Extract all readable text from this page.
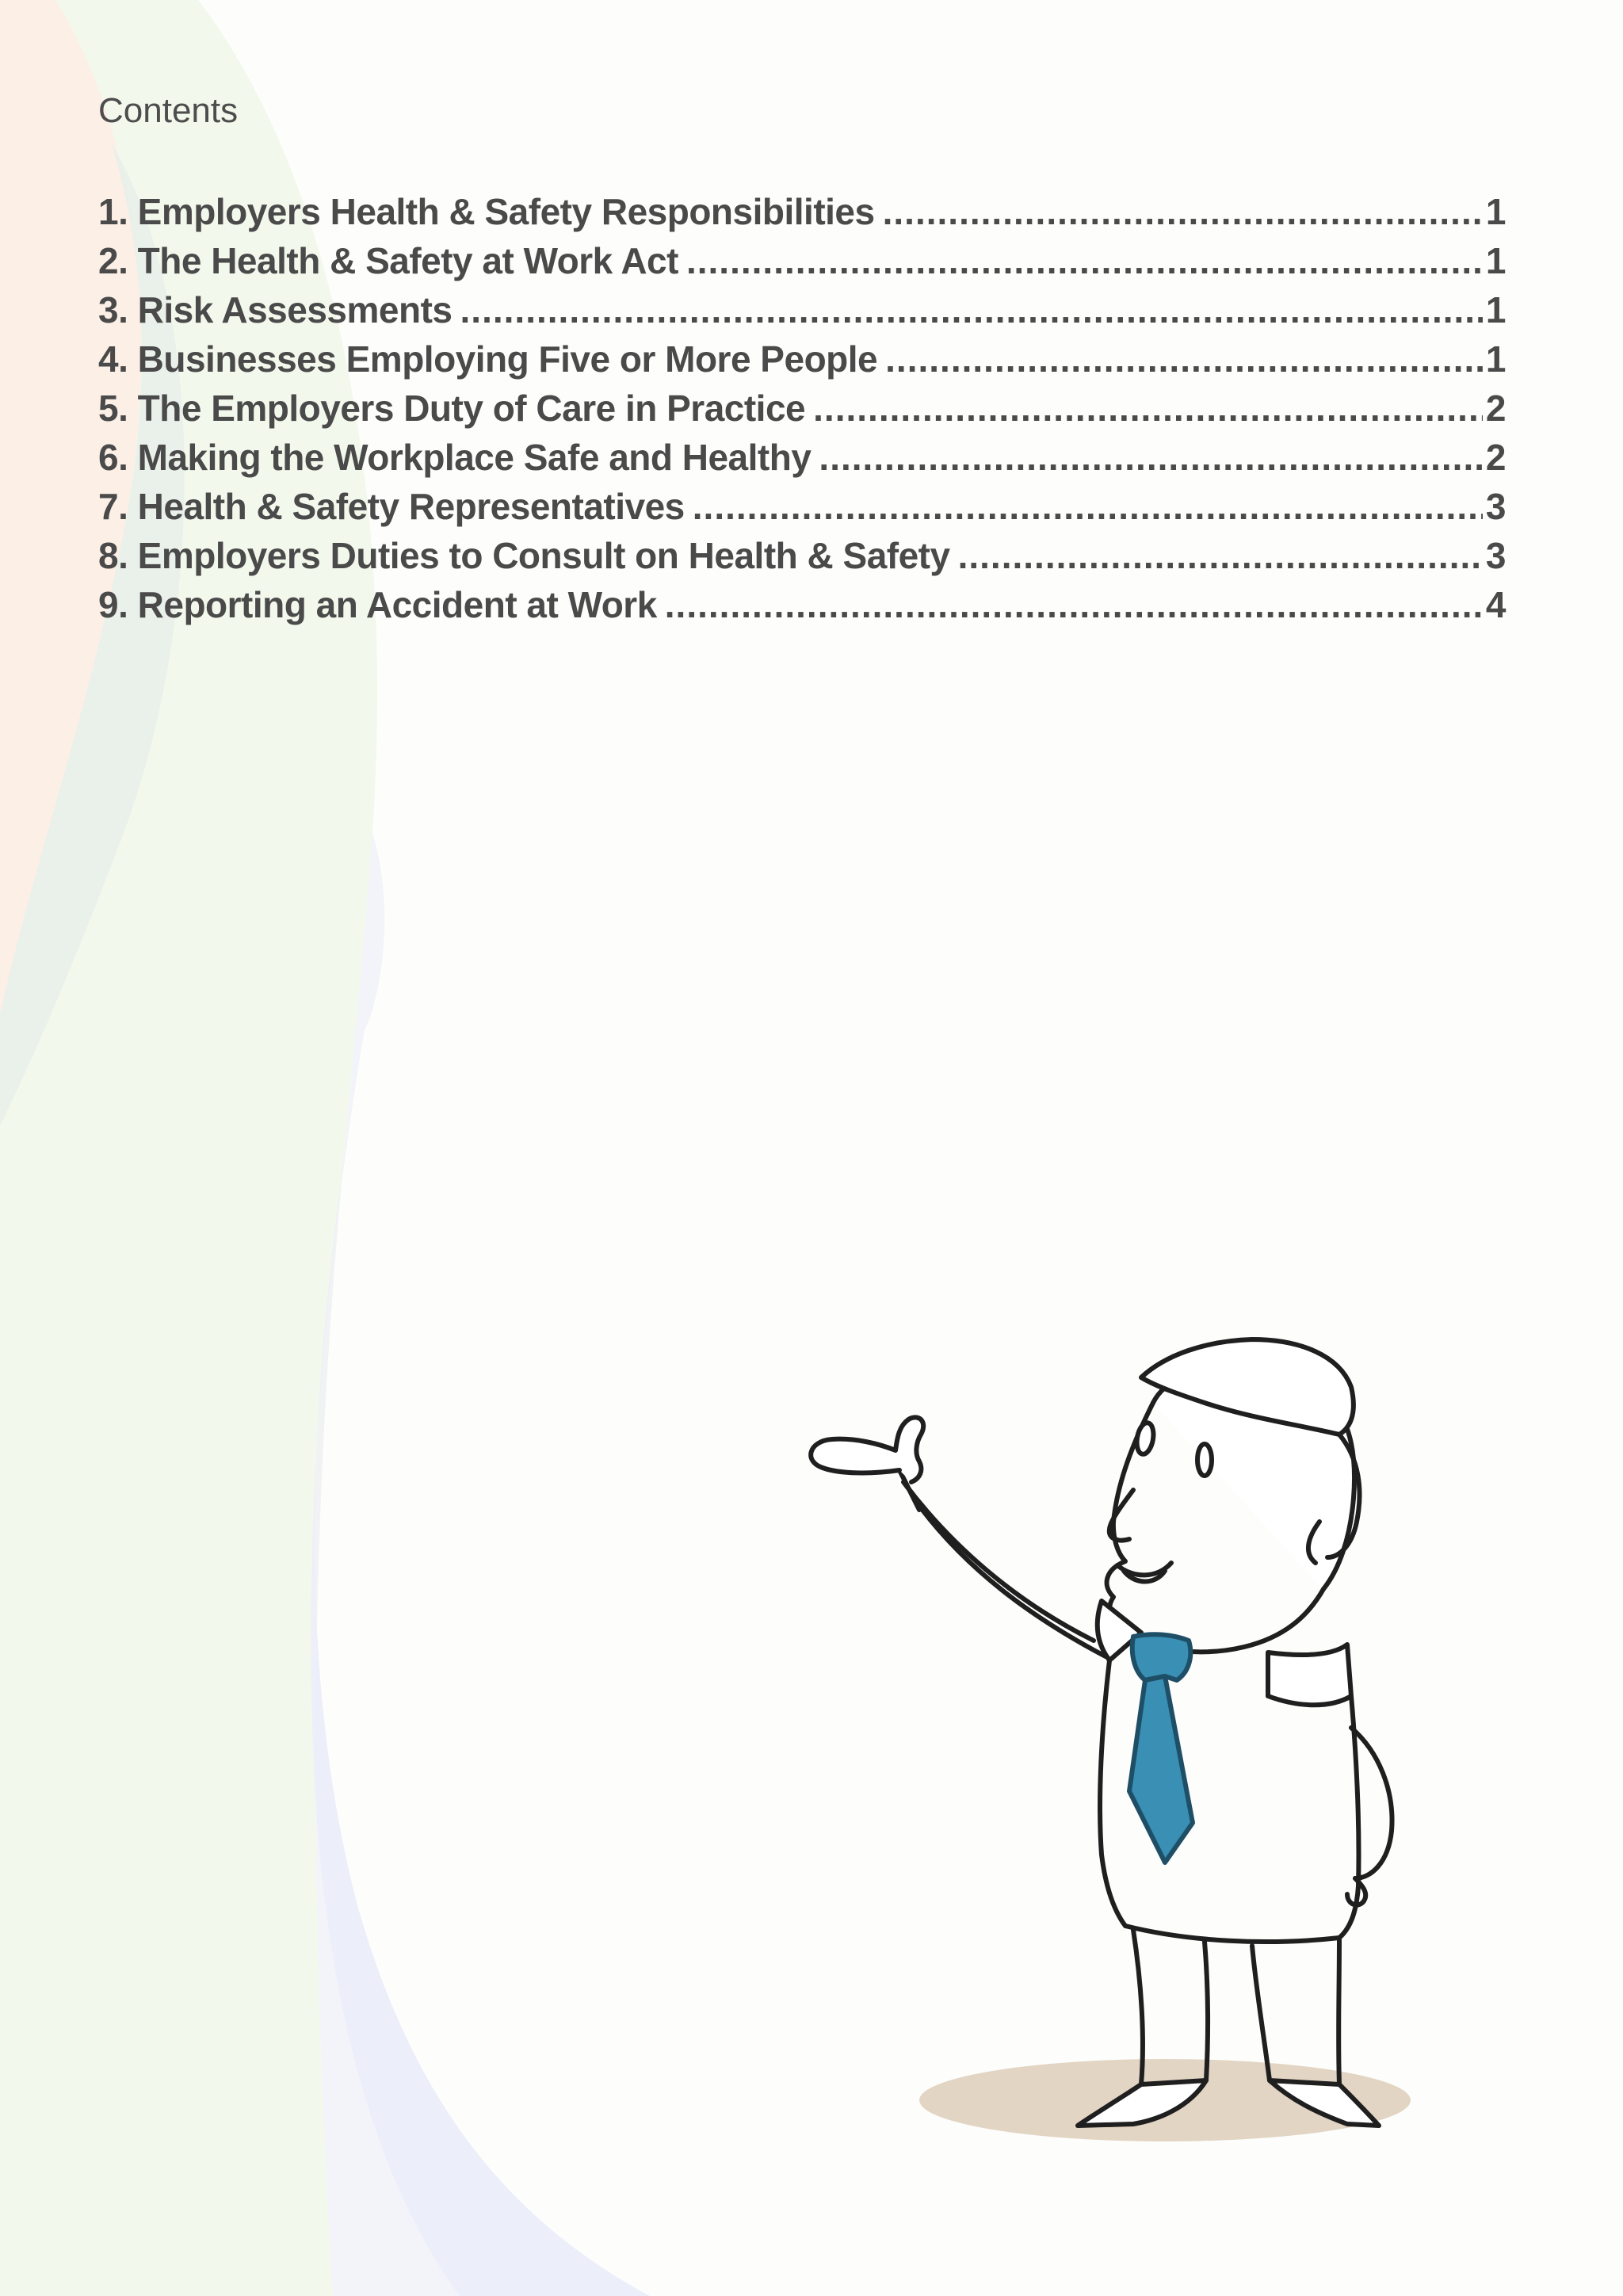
Contents
1. Employers Health & Safety Responsibilities .....	1
2. The Health & Safety at Work Act .....	1
3. Risk Assessments .....	1
4. Businesses Employing Five or More People .....	1
5. The Employers Duty of Care in Practice .....	2
6. Making the Workplace Safe and Healthy .....	2
7. Health & Safety Representatives .....	3
8. Employers Duties to Consult on Health & Safety .....	3
9. Reporting an Accident at Work .....	4
